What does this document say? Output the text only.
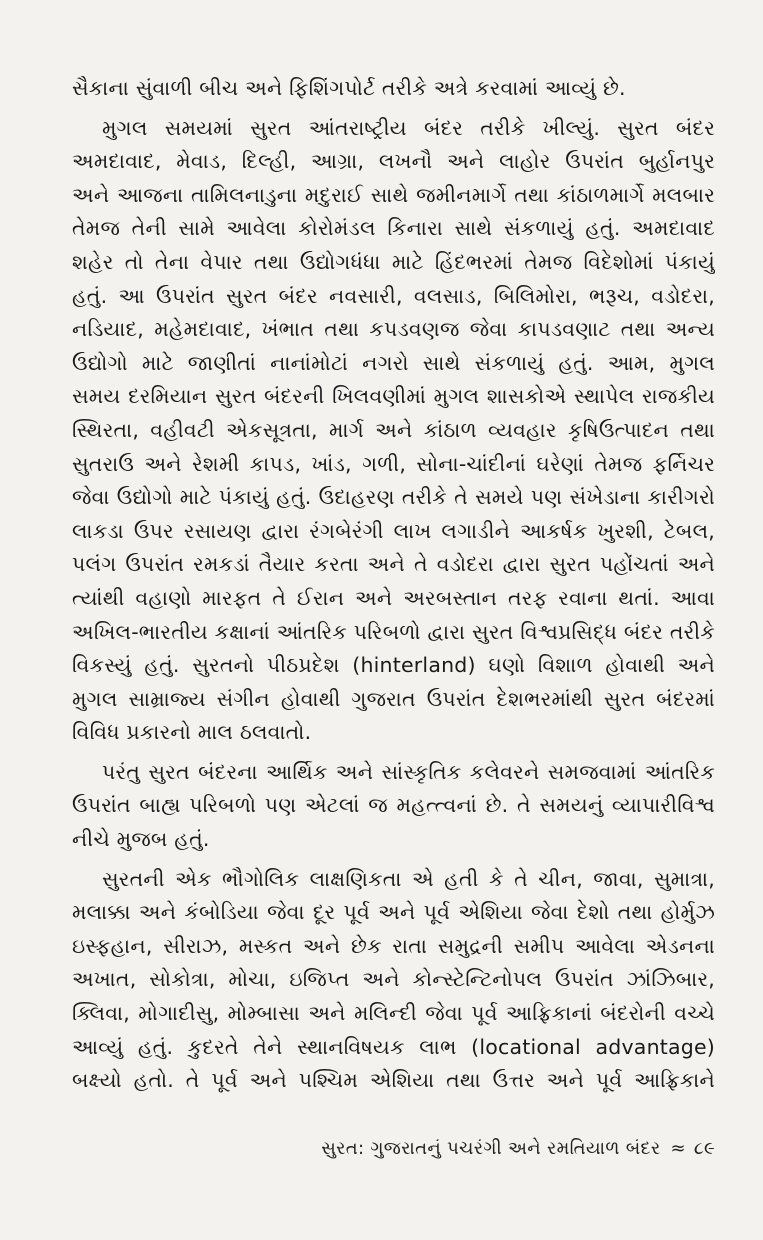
સૈકાના સુંવાળી બીચ અને ફિશિંગપોર્ટ તરીકે અત્રે કરવામાં આવ્યું છે.

મુગલ સમયમાં સુરત આંતરાષ્ટ્રીય બંદર તરીકે ખીલ્યું. સુરત બંદર

અમદાવાદ, મેવાડ, દિલ્હી, આગ્રા, લખનૌ અને લાહોર ઉપરાંત બુર્હાનપુર

અને આજના તામિલનાડુના મદુરાઈ સાથે જમીનમાર્ગે તથા કાંઠાળમાર્ગે મલબાર

તેમજ તેની સામે આવેલા કોરોમંડલ કિનારા સાથે સંકળાયું હતું. અમદાવાદ

શહેર તો તેના વેપાર તથા ઉદ્યોગધંધા માટે હિંદભરમાં તેમજ વિદેશોમાં પંકાયું

હતું. આ ઉપરાંત સુરત બંદર નવસારી, વલસાડ, બિલિમોરા, ભરૂચ, વડોદરા,

નડિયાદ, મહેમદાવાદ, ખંભાત તથા કપડવણજ જેવા કાપડવણાટ તથા અન્ય

ઉદ્યોગો માટે જાણીતાં નાનાંમોટાં નગરો સાથે સંકળાયું હતું. આમ, મુગલ

સમય દરમિયાન સુરત બંદરની ખિલવણીમાં મુગલ શાસકોએ સ્થાપેલ રાજકીય

સ્થિરતા, વહીવટી એકસૂત્રતા, માર્ગ અને કાંઠાળ વ્યવહાર કૃષિઉત્પાદન તથા

સુતરાઉ અને રેશમી કાપડ, ખાંડ, ગળી, સોના-ચાંદીનાં ઘરેણાં તેમજ ફર્નિચર

જેવા ઉદ્યોગો માટે પંકાયું હતું. ઉદાહરણ તરીકે તે સમયે પણ સંખેડાના કારીગરો

લાકડા ઉપર રસાયણ દ્વારા રંગબેરંગી લાખ લગાડીને આકર્ષક ખુરશી, ટેબલ,

પલંગ ઉપરાંત રમકડાં તૈયાર કરતા અને તે વડોદરા દ્વારા સુરત પહોંચતાં અને

ત્યાંથી વહાણો મારફત તે ઈરાન અને અરબસ્તાન તરફ રવાના થતાં. આવા

અખિલ-ભારતીય કક્ષાનાં આંતરિક પરિબળો દ્વારા સુરત વિશ્વપ્રસિદ્ધ બંદર તરીકે

વિકસ્યું હતું. સુરતનો પીઠપ્રદેશ (hinterland) ઘણો વિશાળ હોવાથી અને

મુગલ સામ્રાજ્ય સંગીન હોવાથી ગુજરાત ઉપરાંત દેશભરમાંથી સુરત બંદરમાં

વિવિધ પ્રકારનો માલ ઠલવાતો.

પરંતુ સુરત બંદરના આર્થિક અને સાંસ્કૃતિક કલેવરને સમજવામાં આંતરિક

ઉપરાંત બાહ્ય પરિબળો પણ એટલાં જ મહત્ત્વનાં છે. તે સમયનું વ્યાપારીવિશ્વ

નીચે મુજબ હતું.

સુરતની એક ભૌગોલિક લાક્ષણિકતા એ હતી કે તે ચીન, જાવા, સુમાત્રા,

મલાક્કા અને કંબોડિયા જેવા દૂર પૂર્વ અને પૂર્વ એશિયા જેવા દેશો તથા હોર્મુઝ

ઇસ્ફહાન, સીરાઝ, મસ્કત અને છેક રાતા સમુદ્રની સમીપ આવેલા એડનના

અખાત, સોકોત્રા, મોચા, ઇજિપ્ત અને કોન્સ્ટેન્ટિનોપલ ઉપરાંત ઝાંઝિબાર,

ક્લિવા, મોગાદીસુ, મોમ્બાસા અને મલિન્દી જેવા પૂર્વ આફ્રિકાનાં બંદરોની વચ્ચે

આવ્યું હતું. કુદરતે તેને સ્થાનવિષયક લાભ (locational advantage)

બક્ષ્યો હતો. તે પૂર્વ અને પશ્ચિમ એશિયા તથા ઉત્તર અને પૂર્વ આફ્રિકાને

સુરત: ગુજરાતનું પચરંગી અને રમતિયાળ બંદર ≈ ૮૯
